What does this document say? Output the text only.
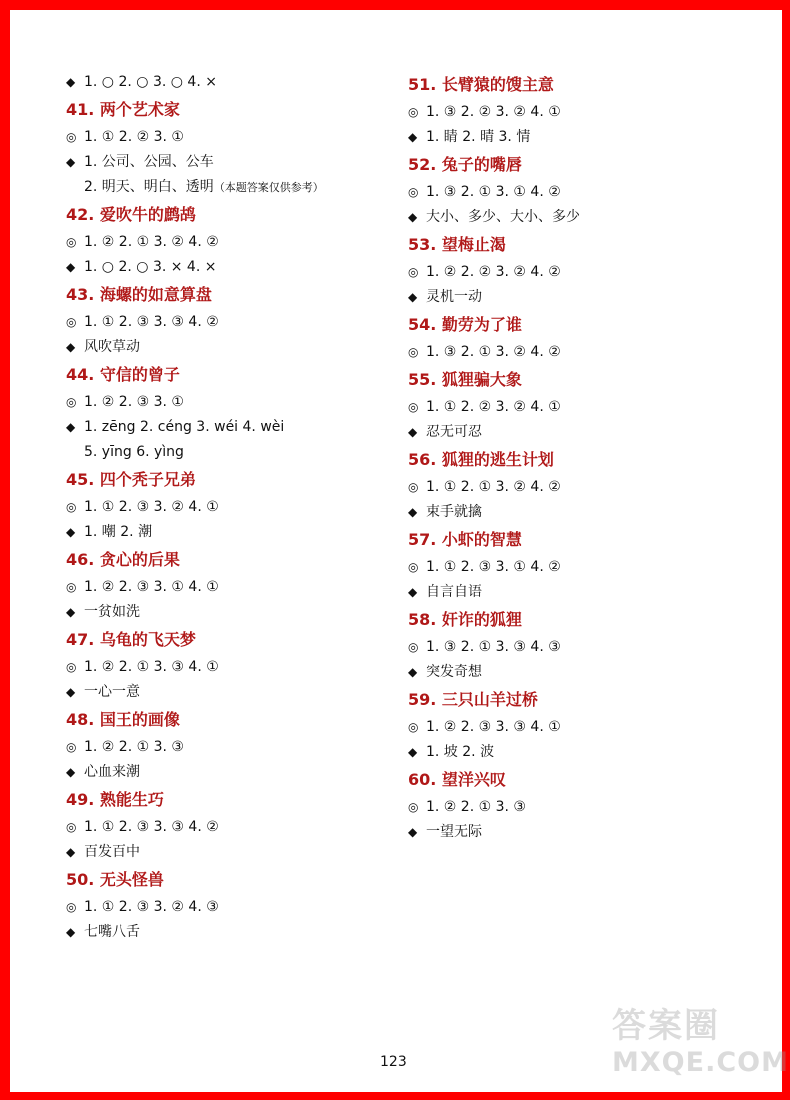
◆ 1. ○ 2. ○ 3. ○ 4. ×
41. 两个艺术家
◎ 1. ① 2. ② 3. ①
◆ 1. 公司、公园、公车
2. 明天、明白、透明（本题答案仅供参考）
42. 爱吹牛的鹧鸪
◎ 1. ② 2. ① 3. ② 4. ②
◆ 1. ○ 2. ○ 3. × 4. ×
43. 海螺的如意算盘
◎ 1. ① 2. ③ 3. ③ 4. ②
◆ 风吹草动
44. 守信的曾子
◎ 1. ② 2. ③ 3. ①
◆ 1. zēng 2. céng 3. wéi 4. wèi
5. yīng 6. yìng
45. 四个秃子兄弟
◎ 1. ① 2. ③ 3. ② 4. ①
◆ 1. 嘲 2. 潮
46. 贪心的后果
◎ 1. ② 2. ③ 3. ① 4. ①
◆ 一贫如洗
47. 乌龟的飞天梦
◎ 1. ② 2. ① 3. ③ 4. ①
◆ 一心一意
48. 国王的画像
◎ 1. ② 2. ① 3. ③
◆ 心血来潮
49. 熟能生巧
◎ 1. ① 2. ③ 3. ③ 4. ②
◆ 百发百中
50. 无头怪兽
◎ 1. ① 2. ③ 3. ② 4. ③
◆ 七嘴八舌
51. 长臂猿的馊主意
◎ 1. ③ 2. ② 3. ② 4. ①
◆ 1. 睛 2. 晴 3. 情
52. 兔子的嘴唇
◎ 1. ③ 2. ① 3. ① 4. ②
◆ 大小、多少、大小、多少
53. 望梅止渴
◎ 1. ② 2. ② 3. ② 4. ②
◆ 灵机一动
54. 勤劳为了谁
◎ 1. ③ 2. ① 3. ② 4. ②
55. 狐狸骗大象
◎ 1. ① 2. ② 3. ② 4. ①
◆ 忍无可忍
56. 狐狸的逃生计划
◎ 1. ① 2. ① 3. ② 4. ②
◆ 束手就擒
57. 小虾的智慧
◎ 1. ① 2. ③ 3. ① 4. ②
◆ 自言自语
58. 奸诈的狐狸
◎ 1. ③ 2. ① 3. ③ 4. ③
◆ 突发奇想
59. 三只山羊过桥
◎ 1. ② 2. ③ 3. ③ 4. ①
◆ 1. 坡 2. 波
60. 望洋兴叹
◎ 1. ② 2. ① 3. ③
◆ 一望无际
123
答案圈
MXQE.COM
